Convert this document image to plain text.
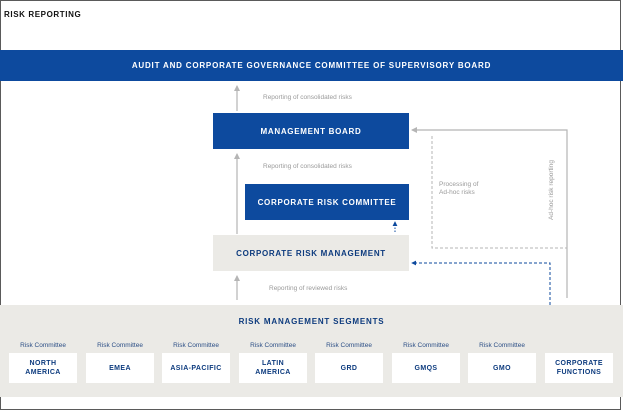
RISK REPORTING
AUDIT AND CORPORATE GOVERNANCE COMMITTEE OF SUPERVISORY BOARD
Reporting of consolidated risks
MANAGEMENT BOARD
Reporting of consolidated risks
CORPORATE RISK COMMITTEE
Processing of
Ad-hoc risks	Ad-hoc risk reporting
CORPORATE RISK MANAGEMENT
Reporting of reviewed risks
RISK MANAGEMENT SEGMENTS
Risk Committee
NORTH
AMERICA
Risk Committee
EMEA
Risk Committee
ASIA-PACIFIC
Risk Committee
LATIN
AMERICA
Risk Committee
GRD
Risk Committee
GMQS
Risk Committee
GMO
CORPORATE
FUNCTIONS
